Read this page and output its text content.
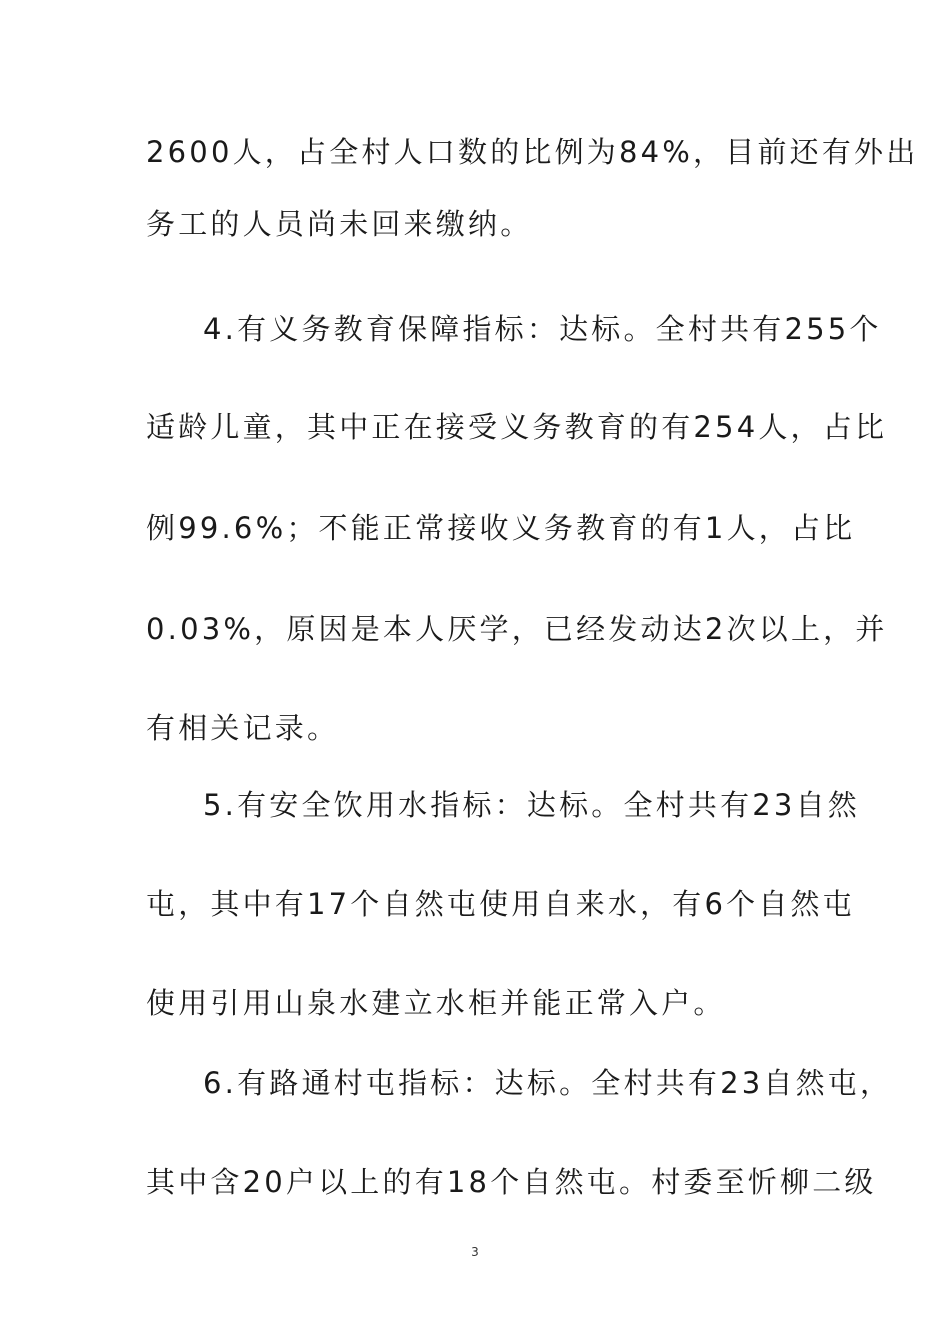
2600人，占全村人口数的比例为84%，目前还有外出
务工的人员尚未回来缴纳。
4.有义务教育保障指标：达标。全村共有255个
适龄儿童，其中正在接受义务教育的有254人，占比
例99.6%；不能正常接收义务教育的有1人，占比
0.03%，原因是本人厌学，已经发动达2次以上，并
有相关记录。
5.有安全饮用水指标：达标。全村共有23自然
屯，其中有17个自然屯使用自来水，有6个自然屯
使用引用山泉水建立水柜并能正常入户。
6.有路通村屯指标：达标。全村共有23自然屯，
其中含20户以上的有18个自然屯。村委至忻柳二级
3
